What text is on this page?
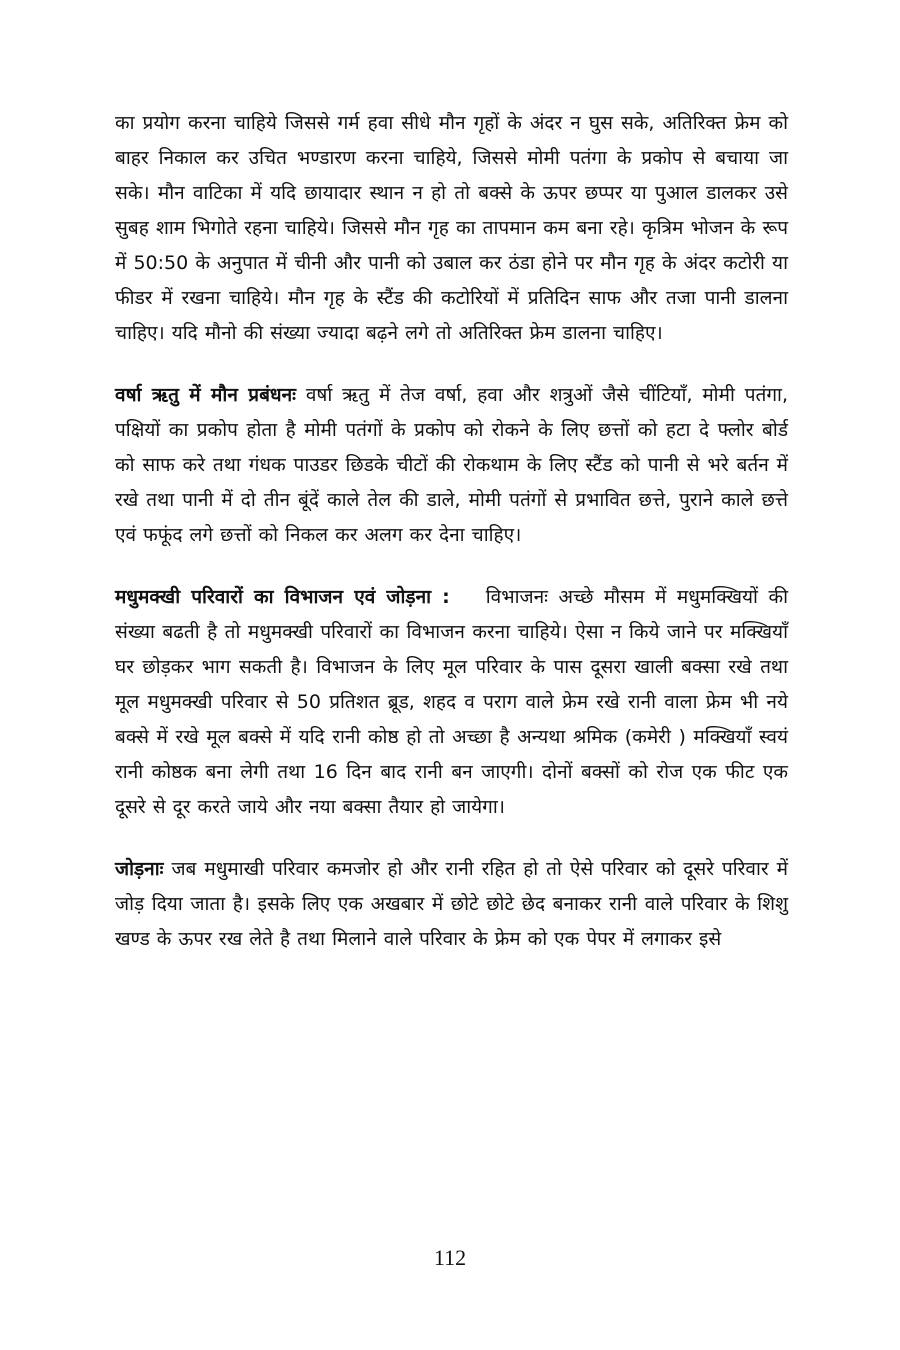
का प्रयोग करना चाहिये जिससे गर्म हवा सीधे मौन गृहों के अंदर न घुस सके, अतिरिक्त फ्रेम को बाहर निकाल कर उचित भण्डारण करना चाहिये, जिससे मोमी पतंगा के प्रकोप से बचाया जा सके। मौन वाटिका में यदि छायादार स्थान न हो तो बक्से के ऊपर छप्पर या पुआल डालकर उसे सुबह शाम भिगोते रहना चाहिये। जिससे मौन गृह का तापमान कम बना रहे। कृत्रिम भोजन के रूप में 50:50 के अनुपात में चीनी और पानी को उबाल कर ठंडा होने पर मौन गृह के अंदर कटोरी या फीडर में रखना चाहिये। मौन गृह के स्टैंड की कटोरियों में प्रतिदिन साफ और तजा पानी डालना चाहिए। यदि मौनो की संख्या ज्यादा बढ़ने लगे तो अतिरिक्त फ्रेम डालना चाहिए।

वर्षा ऋतु में मौन प्रबंधनः वर्षा ऋतु में तेज वर्षा, हवा और शत्रुओं जैसे चींटियाँ, मोमी पतंगा, पक्षियों का प्रकोप होता है मोमी पतंगों के प्रकोप को रोकने के लिए छत्तों को हटा दे फ्लोर बोर्ड को साफ करे तथा गंधक पाउडर छिडके चीटों की रोकथाम के लिए स्टैंड को पानी से भरे बर्तन में रखे तथा पानी में दो तीन बूंदें काले तेल की डाले, मोमी पतंगों से प्रभावित छत्ते, पुराने काले छत्ते एवं फफूंद लगे छत्तों को निकल कर अलग कर देना चाहिए।

मधुमक्खी परिवारों का विभाजन एवं जोड़ना : विभाजनः अच्छे मौसम में मधुमक्खियों की संख्या बढती है तो मधुमक्खी परिवारों का विभाजन करना चाहिये। ऐसा न किये जाने पर मक्खियाँ घर छोड़कर भाग सकती है। विभाजन के लिए मूल परिवार के पास दूसरा खाली बक्सा रखे तथा मूल मधुमक्खी परिवार से 50 प्रतिशत ब्रूड, शहद व पराग वाले फ्रेम रखे रानी वाला फ्रेम भी नये बक्से में रखे मूल बक्से में यदि रानी कोष्ठ हो तो अच्छा है अन्यथा श्रमिक (कमेरी ) मक्खियाँ स्वयं रानी कोष्ठक बना लेगी तथा 16 दिन बाद रानी बन जाएगी। दोनों बक्सों को रोज एक फीट एक दूसरे से दूर करते जाये और नया बक्सा तैयार हो जायेगा।

जोड़नाः जब मधुमाखी परिवार कमजोर हो और रानी रहित हो तो ऐसे परिवार को दूसरे परिवार में जोड़ दिया जाता है। इसके लिए एक अखबार में छोटे छोटे छेद बनाकर रानी वाले परिवार के शिशु खण्ड के ऊपर रख लेते है तथा मिलाने वाले परिवार के फ्रेम को एक पेपर में लगाकर इसे

112
